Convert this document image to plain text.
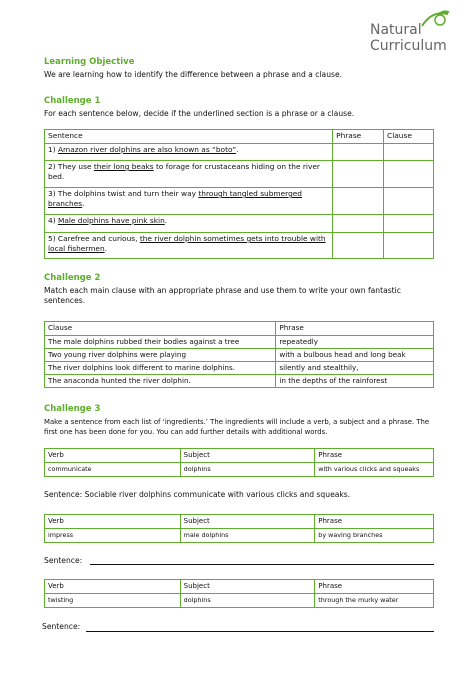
Natural
Curriculum
Learning Objective
We are learning how to identify the difference between a phrase and a clause.
Challenge 1
For each sentence below, decide if the underlined section is a phrase or a clause.
Sentence	Phrase	Clause
1) Amazon river dolphins are also known as “boto”.		
2) They use their long beaks to forage for crustaceans hiding on the river bed.		
3) The dolphins twist and turn their way through tangled submerged branches.		
4) Male dolphins have pink skin.		
5) Carefree and curious, the river dolphin sometimes gets into trouble with local fishermen.		
Challenge 2
Match each main clause with an appropriate phrase and use them to write your own fantastic sentences.
Clause	Phrase
The male dolphins rubbed their bodies against a tree	repeatedly
Two young river dolphins were playing	with a bulbous head and long beak
The river dolphins look different to marine dolphins.	silently and stealthily,
The anaconda hunted the river dolphin.	in the depths of the rainforest
Challenge 3
Make a sentence from each list of ‘ingredients.’ The ingredients will include a verb, a subject and a phrase. The first one has been done for you. You can add further details with additional words.
Verb	Subject	Phrase
communicate	dolphins	with various clicks and squeaks
Sentence: Sociable river dolphins communicate with various clicks and squeaks.
Verb	Subject	Phrase
impress	male dolphins	by waving branches
Sentence:
Verb	Subject	Phrase
twisting	dolphins	through the murky water
Sentence:
